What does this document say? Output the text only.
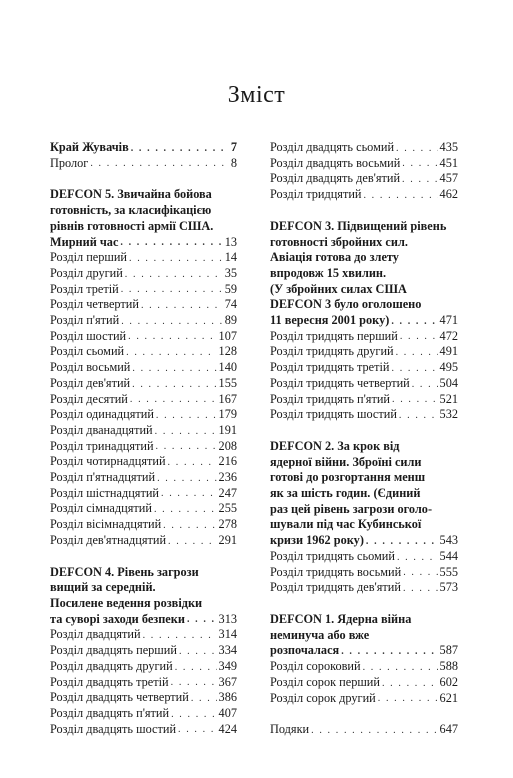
Зміст
Край Жувачів . . .	7
Пролог . . .	8
DEFCON 5. Звичайна бойова
готовність, за класифікацією
рівнів готовності армії США.
Мирний час . . .	13
Розділ перший . . .	14
Розділ другий . . .	35
Розділ третій . . .	59
Розділ четвертий . . .	74
Розділ п'ятий . . .	89
Розділ шостий . . .	107
Розділ сьомий . . .	128
Розділ восьмий . . .	140
Розділ дев'ятий . . .	155
Розділ десятий . . .	167
Розділ одинадцятий . . .	179
Розділ дванадцятий . . .	191
Розділ тринадцятий . . .	208
Розділ чотирнадцятий . . .	216
Розділ п'ятнадцятий . . .	236
Розділ шістнадцятий . . .	247
Розділ сімнадцятий . . .	255
Розділ вісімнадцятий . . .	278
Розділ дев'ятнадцятий . . .	291
DEFCON 4. Рівень загрози
вищий за середній.
Посилене ведення розвідки
та суворі заходи безпеки . . .	313
Розділ двадцятий . . .	314
Розділ двадцять перший . . .	334
Розділ двадцять другий . . .	349
Розділ двадцять третій . . .	367
Розділ двадцять четвертий . . . 386
Розділ двадцять п'ятий . . .	407
Розділ двадцять шостий . . .	424
Розділ двадцять сьомий . . .	435
Розділ двадцять восьмий . . .	451
Розділ двадцять дев'ятий . . .	457
Розділ тридцятий . . .	462
DEFCON 3. Підвищений рівень
готовності збройних сил.
Авіація готова до злету
впродовж 15 хвилин.
(У збройних силах США
DEFCON 3 було оголошено
11 вересня 2001 року) . . .	471
Розділ тридцять перший . . .	472
Розділ тридцять другий . . .	491
Розділ тридцять третій . . .	495
Розділ тридцять четвертий . . . 504
Розділ тридцять п'ятий . . .	521
Розділ тридцять шостий . . .	532
DEFCON 2. За крок від
ядерної війни. Зброїні сили
готові до розгортання менш
як за шість годин. (Єдиний
раз цей рівень загрози оголо-
шували під час Кубинської
кризи 1962 року) . . .	543
Розділ тридцять сьомий . . .	544
Розділ тридцять восьмий . . .	555
Розділ тридцять дев'ятий . . .	573
DEFCON 1. Ядерна війна
неминуча або вже
розпочалася . . .	587
Розділ сороковий . . .	588
Розділ сорок перший . . .	602
Розділ сорок другий . . .	621
Подяки . . .	647
